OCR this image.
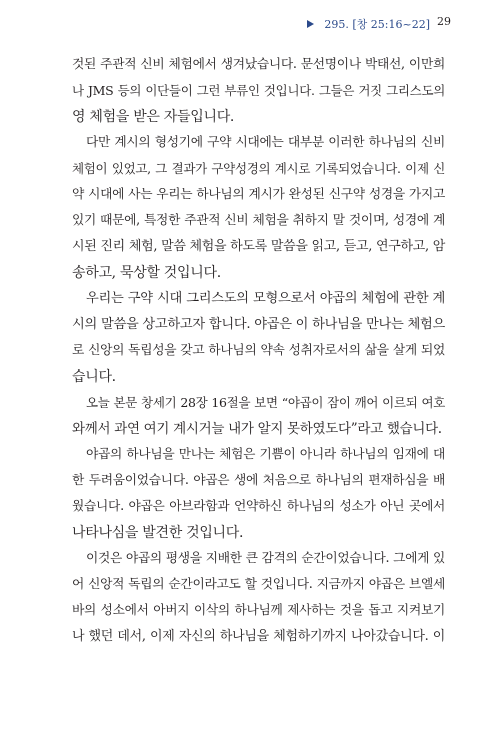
295. [창 25:16~22] 29
것된 주관적 신비 체험에서 생겨났습니다. 문선명이나 박태선, 이만희
나 JMS 등의 이단들이 그런 부류인 것입니다. 그들은 거짓 그리스도의
영 체험을 받은 자들입니다.
다만 계시의 형성기에 구약 시대에는 대부분 이러한 하나님의 신비
체험이 있었고, 그 결과가 구약성경의 계시로 기록되었습니다. 이제 신
약 시대에 사는 우리는 하나님의 계시가 완성된 신구약 성경을 가지고
있기 때문에, 특정한 주관적 신비 체험을 취하지 말 것이며, 성경에 계
시된 진리 체험, 말씀 체험을 하도록 말씀을 읽고, 듣고, 연구하고, 암
송하고, 묵상할 것입니다.
우리는 구약 시대 그리스도의 모형으로서 야곱의 체험에 관한 계
시의 말씀을 상고하고자 합니다. 야곱은 이 하나님을 만나는 체험으
로 신앙의 독립성을 갖고 하나님의 약속 성취자로서의 삶을 살게 되었
습니다.
오늘 본문 창세기 28장 16절을 보면 “야곱이 잠이 깨어 이르되 여호
와께서 과연 여기 계시거늘 내가 알지 못하였도다”라고 했습니다.
야곱의 하나님을 만나는 체험은 기쁨이 아니라 하나님의 임재에 대
한 두려움이었습니다. 야곱은 생에 처음으로 하나님의 편재하심을 배
웠습니다. 야곱은 아브라함과 언약하신 하나님의 성소가 아닌 곳에서
나타나심을 발견한 것입니다.
이것은 야곱의 평생을 지배한 큰 감격의 순간이었습니다. 그에게 있
어 신앙적 독립의 순간이라고도 할 것입니다. 지금까지 야곱은 브엘세
바의 성소에서 아버지 이삭의 하나님께 제사하는 것을 돕고 지켜보기
나 했던 데서, 이제 자신의 하나님을 체험하기까지 나아갔습니다. 이
